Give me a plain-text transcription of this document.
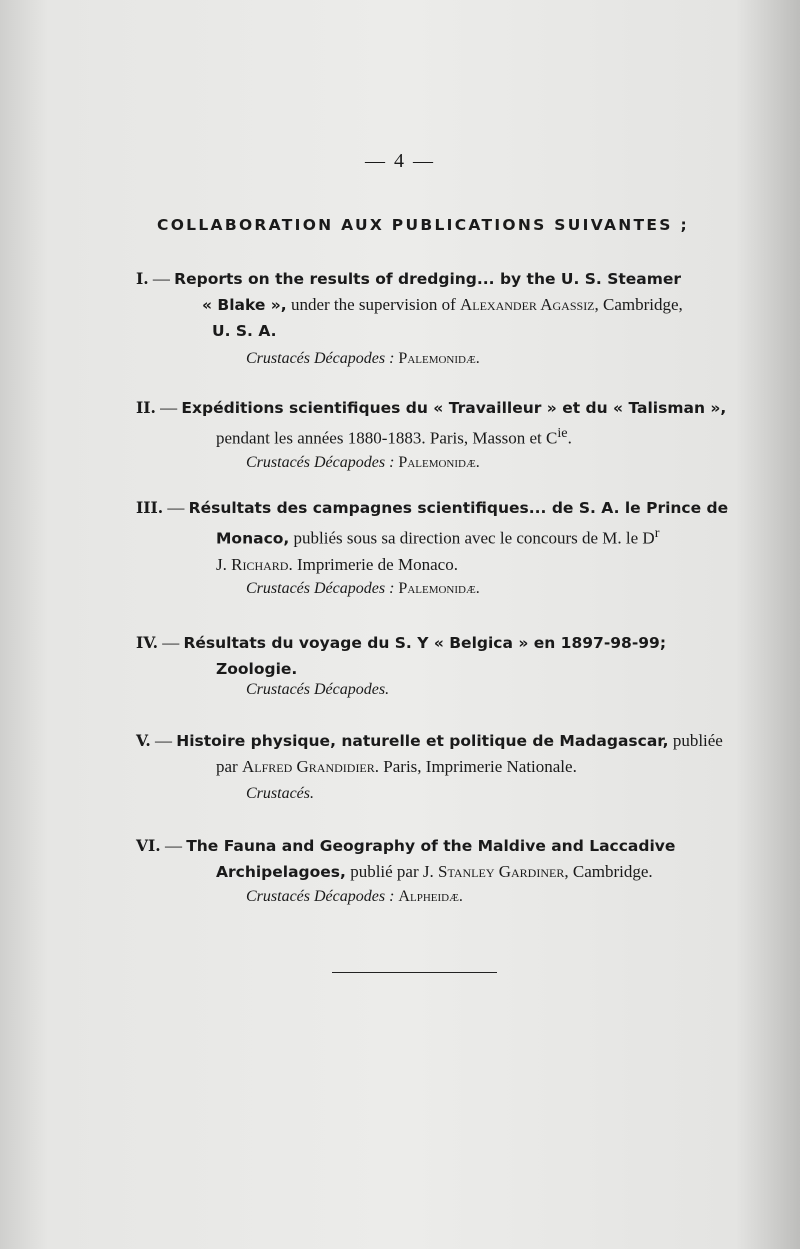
— 4 —
COLLABORATION AUX PUBLICATIONS SUIVANTES ;
I. — Reports on the results of dredging... by the U. S. Steamer
« Blake », under the supervision of Alexander Agassiz, Cambridge,
U. S. A.
Crustacés Décapodes : Palemonidæ.
II. — Expéditions scientifiques du « Travailleur » et du « Talisman »,
pendant les années 1880-1883. Paris, Masson et $C^{ie}$.
Crustacés Décapodes : Palemonidæ.
III. — Résultats des campagnes scientifiques... de S. A. le Prince de
Monaco, publiés sous sa direction avec le concours de M. le $D^r$
J. Richard. Imprimerie de Monaco.
Crustacés Décapodes : Palemonidæ.
IV. — Résultats du voyage du S. Y « Belgica » en 1897-98-99;
Zoologie.
Crustacés Décapodes.
V. — Histoire physique, naturelle et politique de Madagascar, publiée
par Alfred Grandidier. Paris, Imprimerie Nationale.
Crustacés.
VI. — The Fauna and Geography of the Maldive and Laccadive
Archipelagoes, publié par J. Stanley Gardiner, Cambridge.
Crustacés Décapodes : Alpheidæ.
